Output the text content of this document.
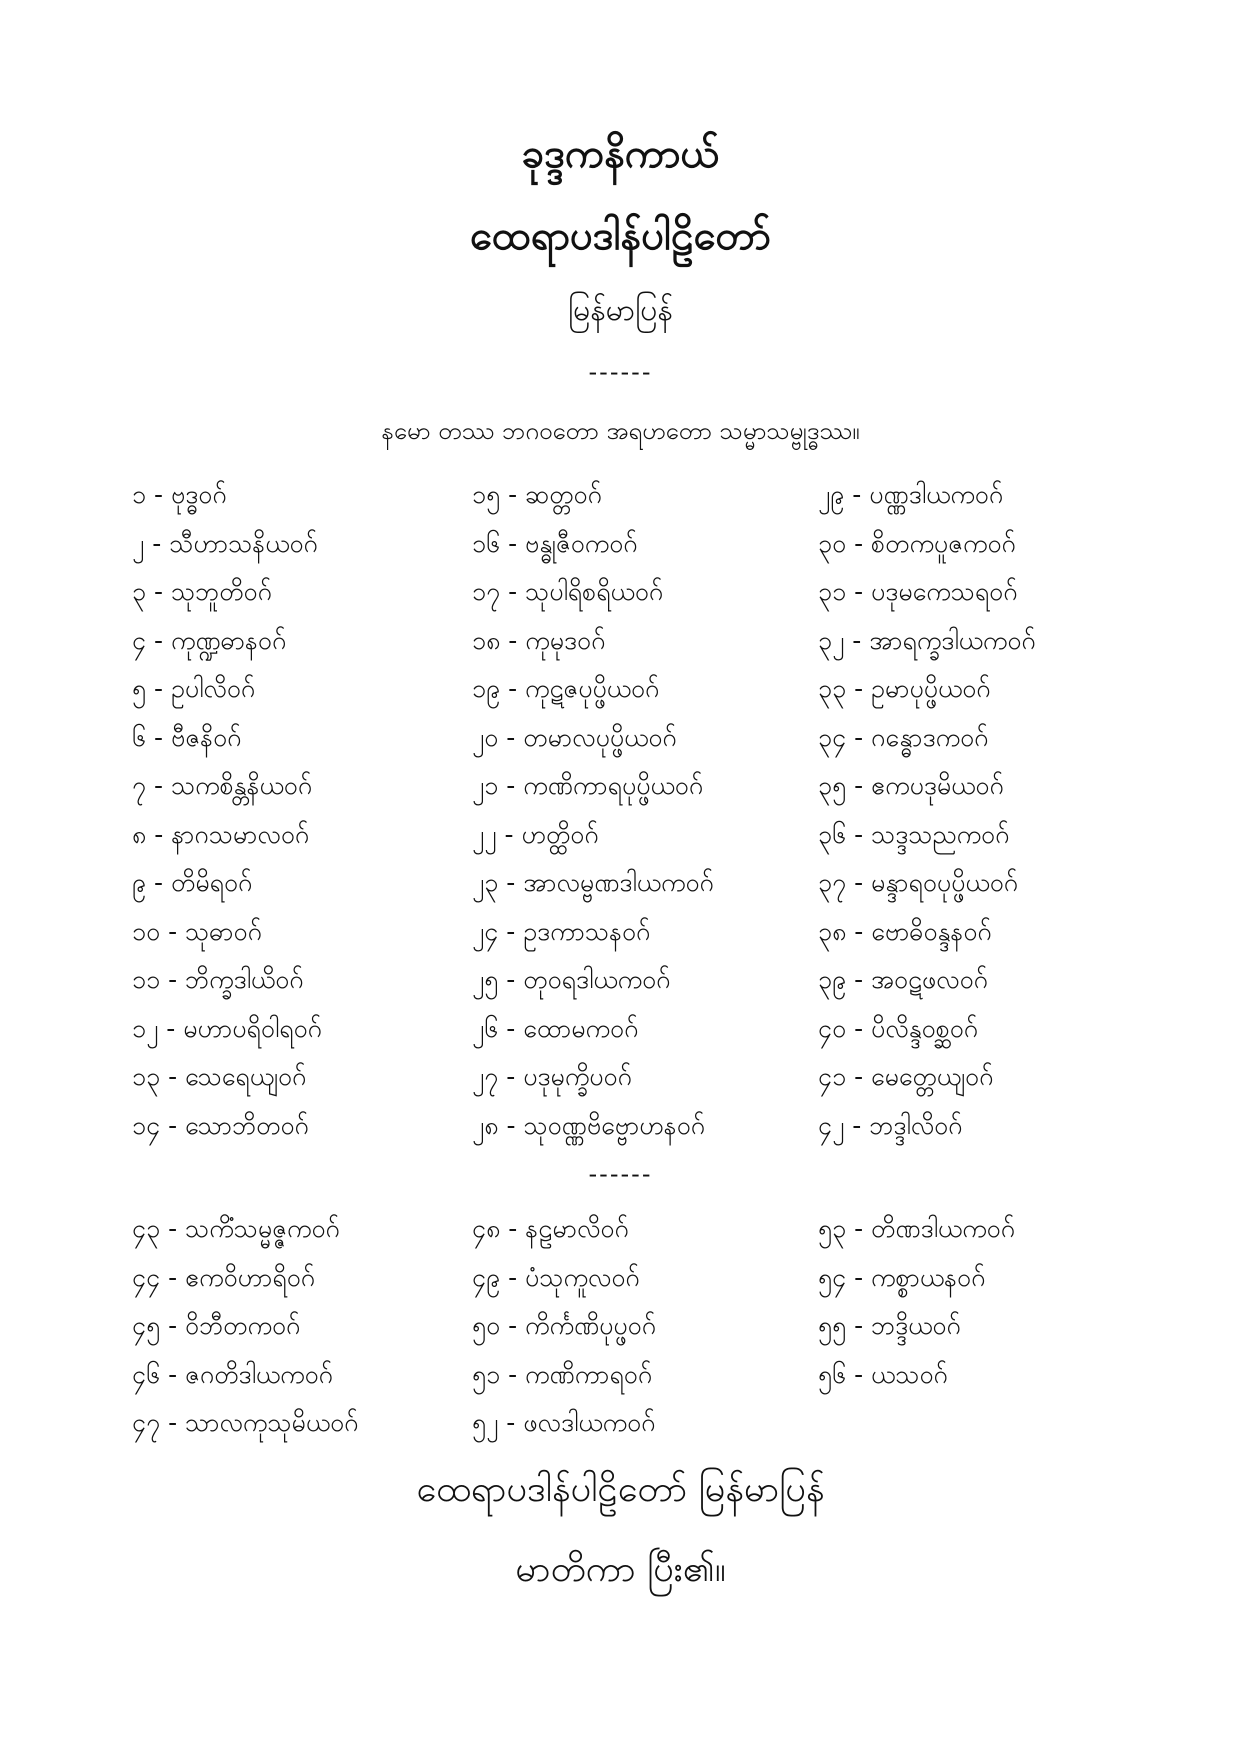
ခုဒ္ဒကနိကာယ်
ထေရာပဒါန်ပါဠိတော်
မြန်မာပြန်
------
နမော တဿ ဘဂဝတော အရဟတော သမ္မာသမ္ဗုဒ္ဓဿ။
၁ - ဗုဒ္ဓဝဂ်
၂ - သီဟာသနိယဝဂ်
၃ - သုဘူတိဝဂ်
၄ - ကုဏ္ဍဓာနဝဂ်
၅ - ဥပါလိဝဂ်
၆ - ဗီဇနိဝဂ်
၇ - သကစိန္တနိယဝဂ်
၈ - နာဂသမာလဝဂ်
၉ - တိမိရဝဂ်
၁၀ - သုဓာဝဂ်
၁၁ - ဘိက္ခဒါယိဝဂ်
၁၂ - မဟာပရိဝါရဝဂ်
၁၃ - သေရေယျဝဂ်
၁၄ - သောဘိတဝဂ်
၁၅ - ဆတ္တဝဂ်
၁၆ - ဗန္ဓုဇီဝကဝဂ်
၁၇ - သုပါရိစရိယဝဂ်
၁၈ - ကုမုဒဝဂ်
၁၉ - ကုဋဇပုပ္ဖိယဝဂ်
၂၀ - တမာလပုပ္ဖိယဝဂ်
၂၁ - ကဏိကာရပုပ္ဖိယဝဂ်
၂၂ - ဟတ္ထိဝဂ်
၂၃ - အာလမ္ဗဏဒါယကဝဂ်
၂၄ - ဥဒကာသနဝဂ်
၂၅ - တုဝရဒါယကဝဂ်
၂၆ - ထောမကဝဂ်
၂၇ - ပဒုမုက္ခိပဝဂ်
၂၈ - သုဝဏ္ဏဗိဗ္ဗောဟနဝဂ်
၂၉ - ပဏ္ဏဒါယကဝဂ်
၃၀ - စိတကပူဇကဝဂ်
၃၁ - ပဒုမကေသရဝဂ်
၃၂ - အာရက္ခဒါယကဝဂ်
၃၃ - ဥမာပုပ္ဖိယဝဂ်
၃၄ - ဂန္ဓောဒကဝဂ်
၃၅ - ဧကပဒုမိယဝဂ်
၃၆ - သဒ္ဒသညကဝဂ်
၃၇ - မန္ဒာရဝပုပ္ဖိယဝဂ်
၃၈ - ဗောဓိဝန္ဒနဝဂ်
၃၉ - အဝဋဖလဝဂ်
၄၀ - ပိလိန္ဒဝစ္ဆဝဂ်
၄၁ - မေတ္တေယျဝဂ်
၄၂ - ဘဒ္ဒါလိဝဂ်
------
၄၃ - သကိံသမ္မဇ္ဇကဝဂ်
၄၄ - ဧကဝိဟာရိဝဂ်
၄၅ - ဝိဘီတကဝဂ်
၄၆ - ဇဂတိဒါယကဝဂ်
၄၇ - သာလကုသုမိယဝဂ်
၄၈ - နဠမာလိဝဂ်
၄၉ - ပံသုကူလဝဂ်
၅၀ - ကိင်္ကဏိပုပ္ဖဝဂ်
၅၁ - ကဏိကာရဝဂ်
၅၂ - ဖလဒါယကဝဂ်
၅၃ - တိဏဒါယကဝဂ်
၅၄ - ကစ္စာယနဝဂ်
၅၅ - ဘဒ္ဒိယဝဂ်
၅၆ - ယသဝဂ်
ထေရာပဒါန်ပါဠိတော် မြန်မာပြန်
မာတိကာ ပြီး၏။
